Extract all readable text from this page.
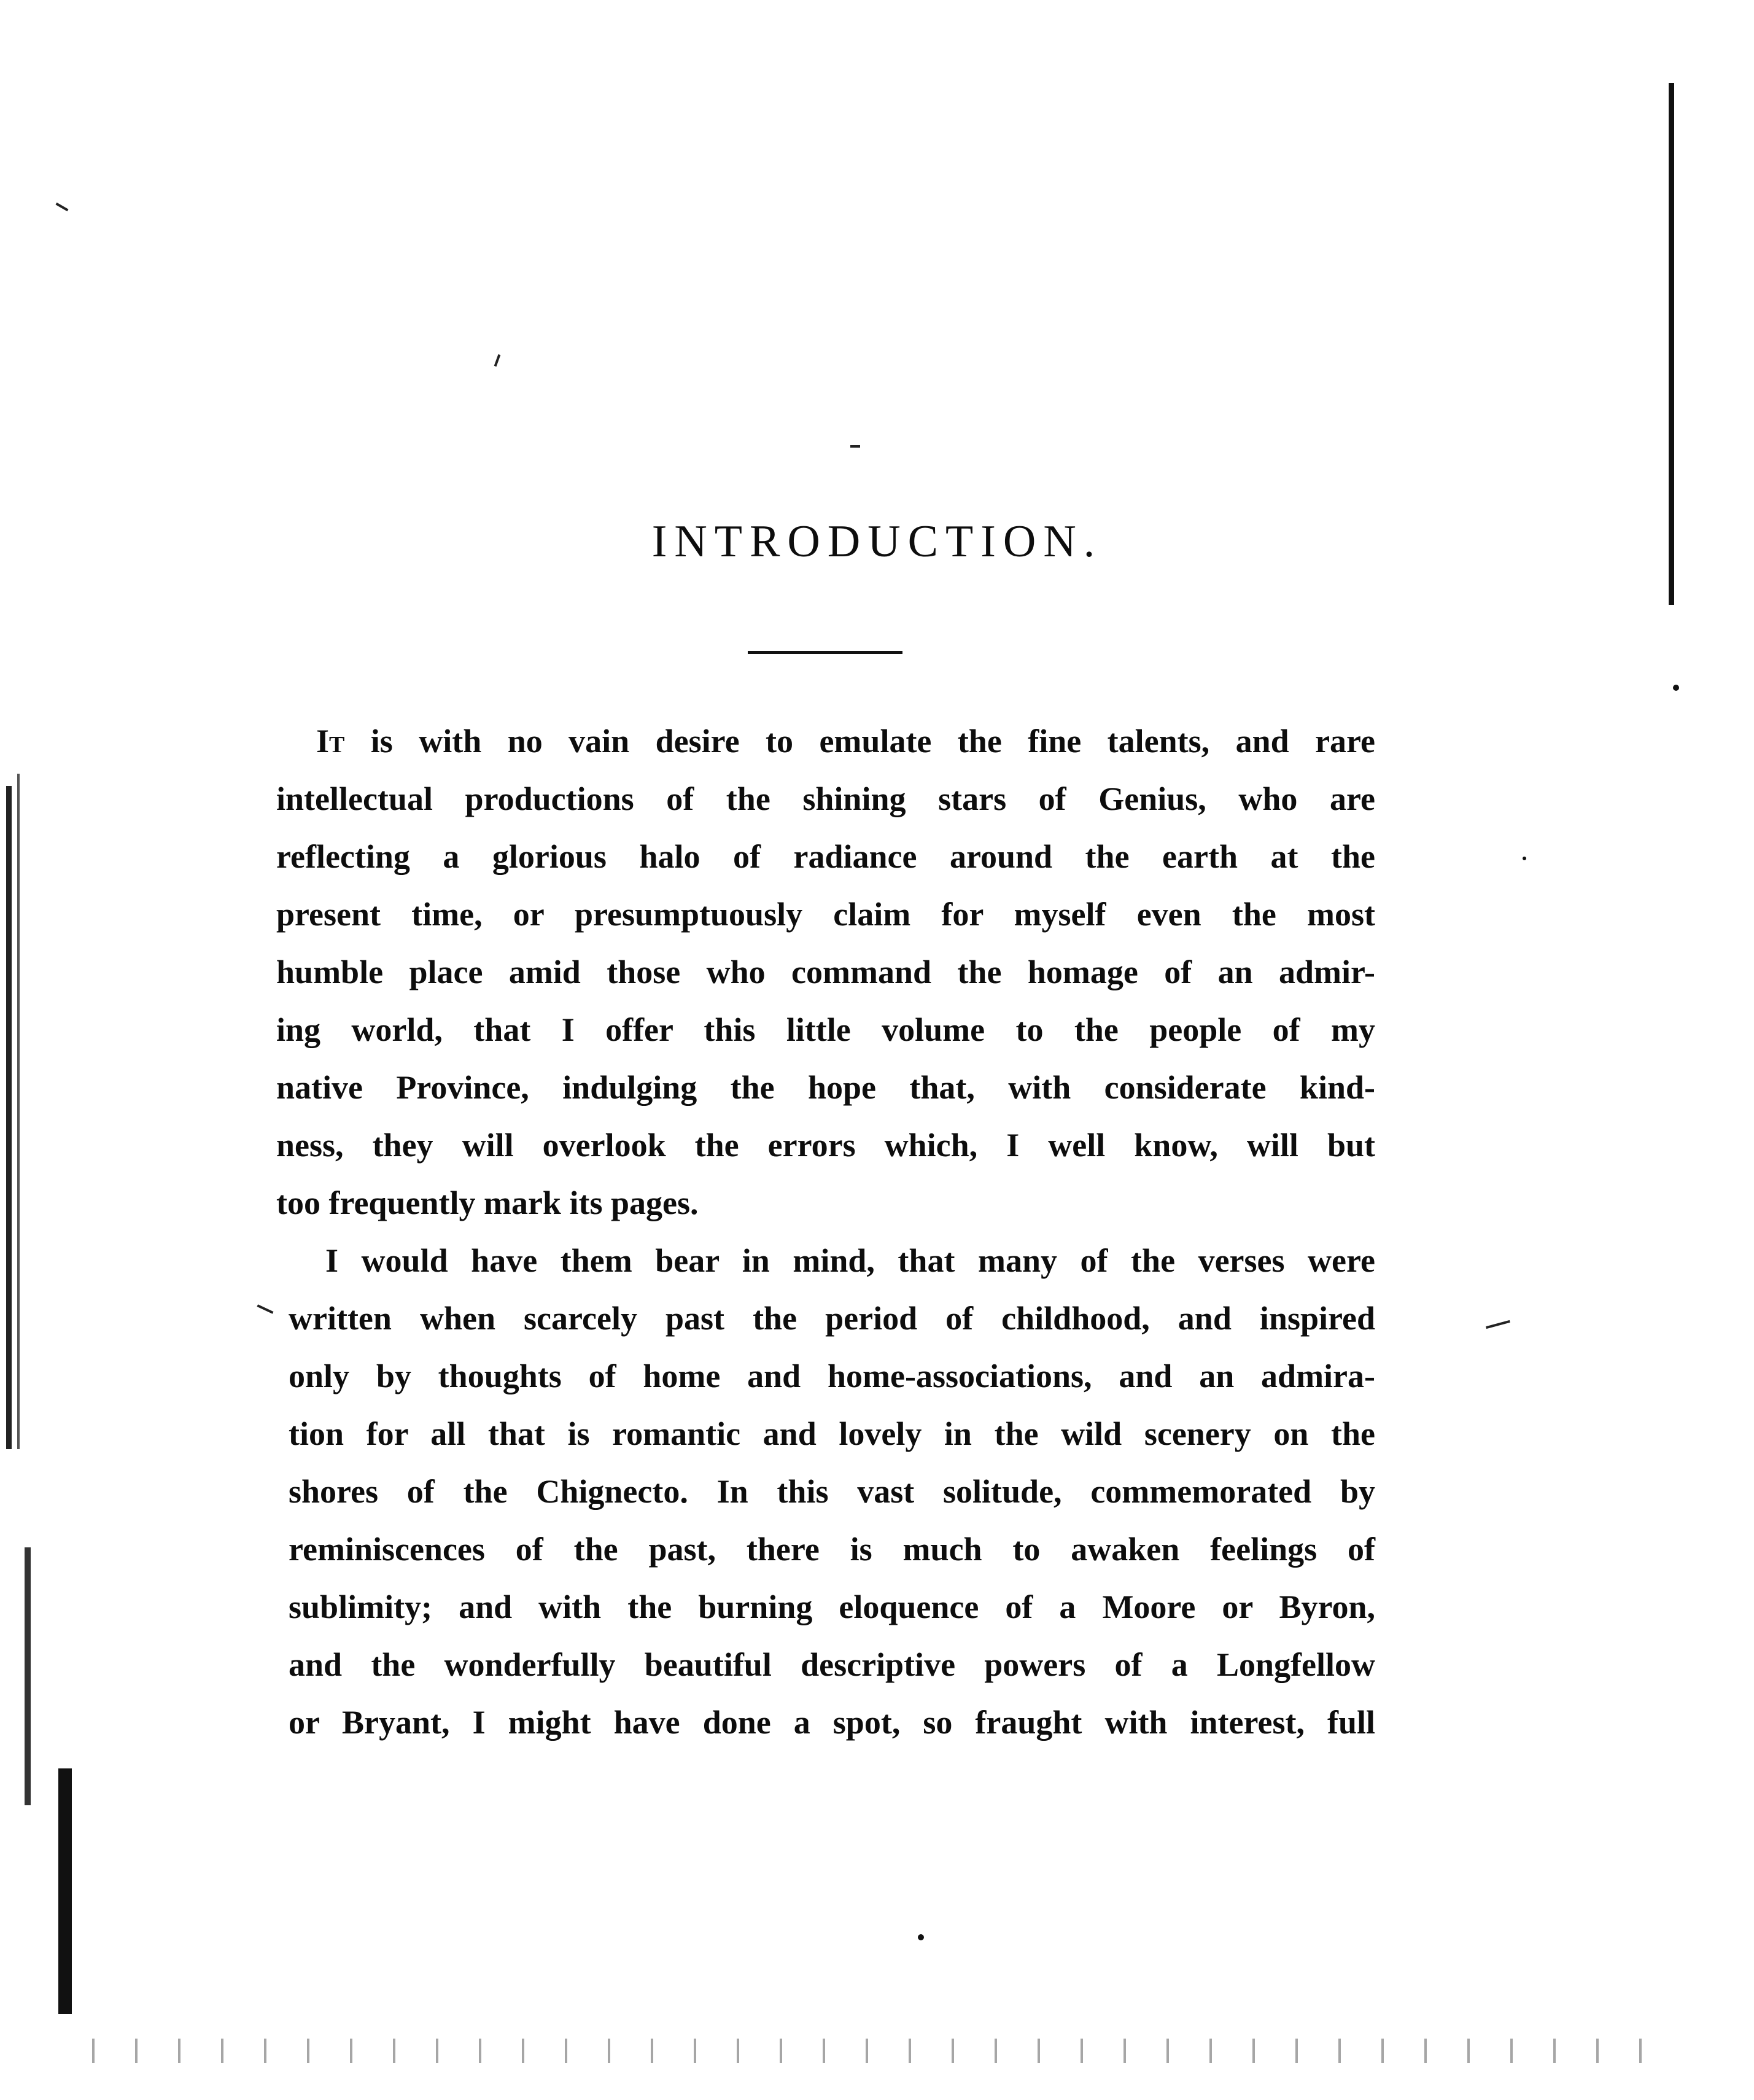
INTRODUCTION.
It is with no vain desire to emulate the fine talents, and rare
intellectual productions of the shining stars of Genius, who are
reflecting a glorious halo of radiance around the earth at the
present time, or presumptuously claim for myself even the most
humble place amid those who command the homage of an admir-
ing world, that I offer this little volume to the people of my
native Province, indulging the hope that, with considerate kind-
ness, they will overlook the errors which, I well know, will but
too frequently mark its pages.
I would have them bear in mind, that many of the verses were
written when scarcely past the period of childhood, and inspired
only by thoughts of home and home-associations, and an admira-
tion for all that is romantic and lovely in the wild scenery on the
shores of the Chignecto. In this vast solitude, commemorated by
reminiscences of the past, there is much to awaken feelings of
sublimity; and with the burning eloquence of a Moore or Byron,
and the wonderfully beautiful descriptive powers of a Longfellow
or Bryant, I might have done a spot, so fraught with interest, full
